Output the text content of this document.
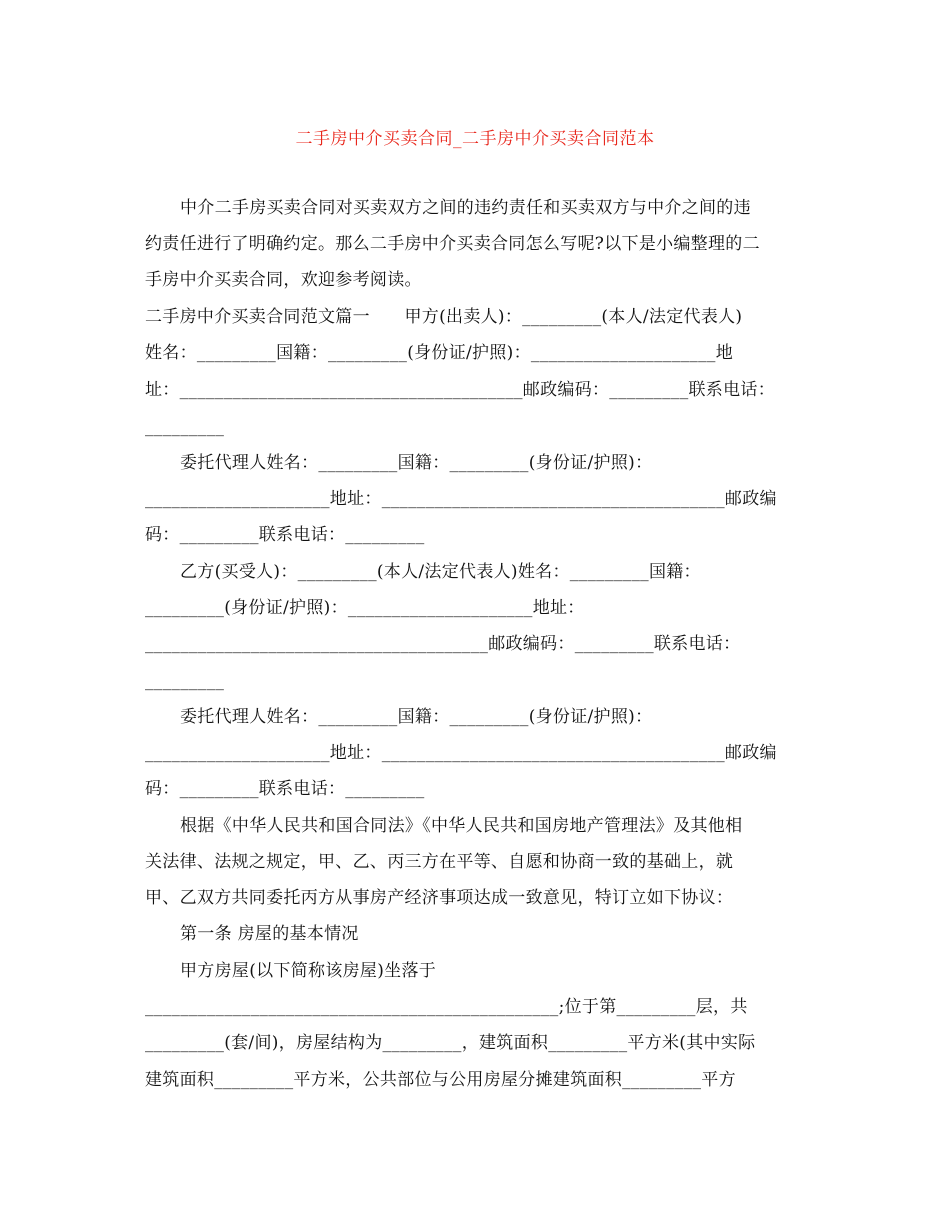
二手房中介买卖合同_二手房中介买卖合同范本
中介二手房买卖合同对买卖双方之间的违约责任和买卖双方与中介之间的违
约责任进行了明确约定。那么二手房中介买卖合同怎么写呢?以下是小编整理的二
手房中介买卖合同，欢迎参考阅读。
二手房中介买卖合同范文篇一　　甲方(出卖人)：_________(本人/法定代表人)
姓名：_________国籍：_________(身份证/护照)：_____________________地
址：_______________________________________邮政编码：_________联系电话：
_________
委托代理人姓名：_________国籍：_________(身份证/护照)：
_____________________地址：_______________________________________邮政编
码：_________联系电话：_________
乙方(买受人)：_________(本人/法定代表人)姓名：_________国籍：
_________(身份证/护照)：_____________________地址：
_______________________________________邮政编码：_________联系电话：
_________
委托代理人姓名：_________国籍：_________(身份证/护照)：
_____________________地址：_______________________________________邮政编
码：_________联系电话：_________
根据《中华人民共和国合同法》《中华人民共和国房地产管理法》及其他相
关法律、法规之规定，甲、乙、丙三方在平等、自愿和协商一致的基础上，就
甲、乙双方共同委托丙方从事房产经济事项达成一致意见，特订立如下协议：
第一条 房屋的基本情况
甲方房屋(以下简称该房屋)坐落于
_______________________________________________;位于第_________层，共
_________(套/间)，房屋结构为_________，建筑面积_________平方米(其中实际
建筑面积_________平方米，公共部位与公用房屋分摊建筑面积_________平方
